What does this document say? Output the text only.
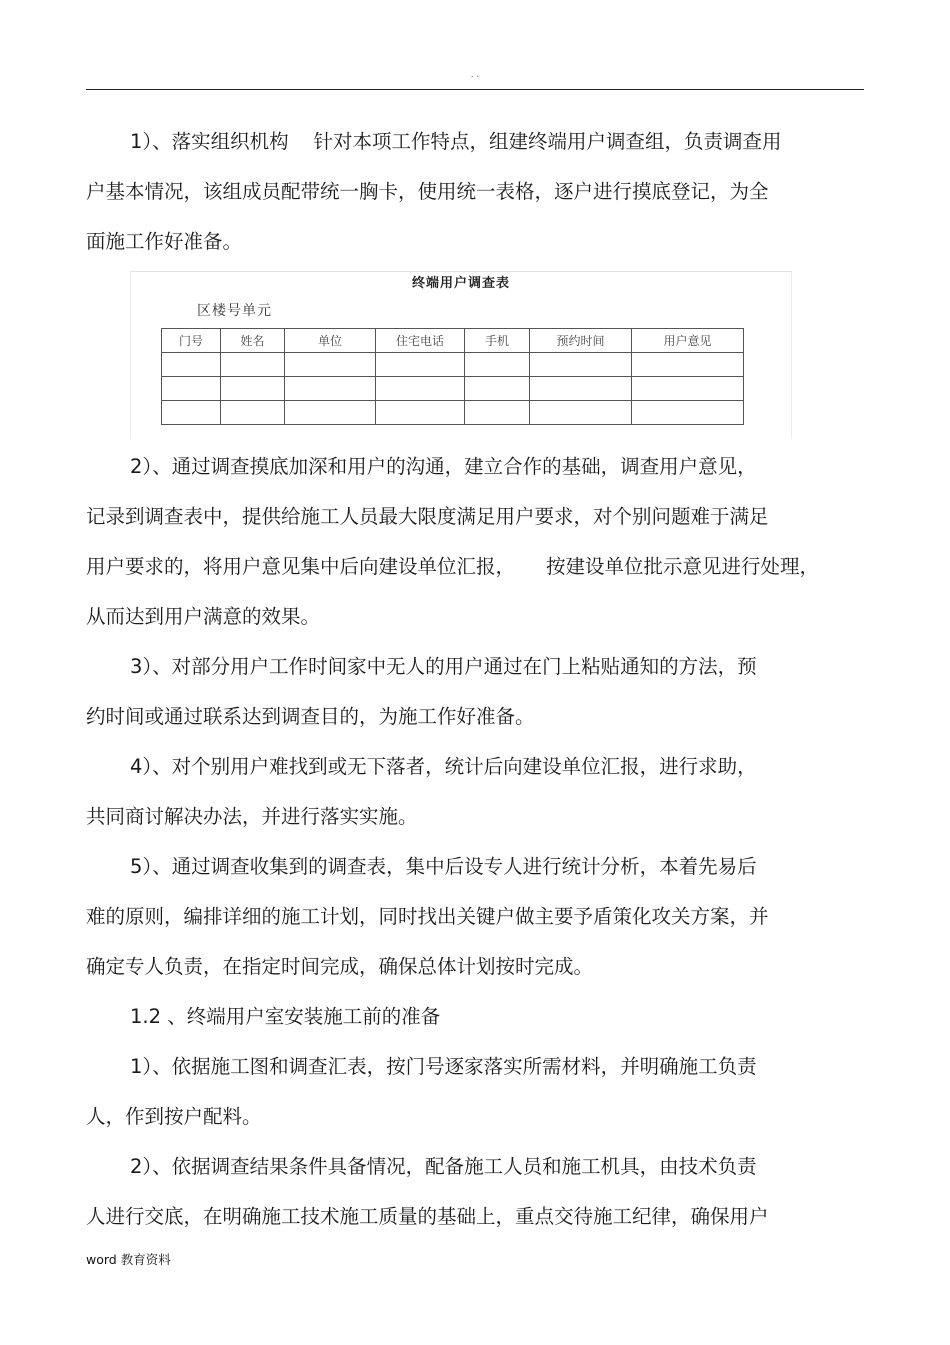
. .
1）、落实组织机构    针对本项工作特点，组建终端用户调查组，负责调查用
户基本情况，该组成员配带统一胸卡，使用统一表格，逐户进行摸底登记，为全
面施工作好准备。
终端用户调查表
区楼号单元
门号	姓名	单位	住宅电话	手机	预约时间	用户意见

2）、通过调查摸底加深和用户的沟通，建立合作的基础，调查用户意见，
记录到调查表中，提供给施工人员最大限度满足用户要求，对个别问题难于满足
用户要求的，将用户意见集中后向建设单位汇报，     按建设单位批示意见进行处理，
从而达到用户满意的效果。
3）、对部分用户工作时间家中无人的用户通过在门上粘贴通知的方法，预
约时间或通过联系达到调查目的，为施工作好准备。
4）、对个别用户难找到或无下落者，统计后向建设单位汇报，进行求助，
共同商讨解决办法，并进行落实实施。
5）、通过调查收集到的调查表，集中后设专人进行统计分析，本着先易后
难的原则，编排详细的施工计划，同时找出关键户做主要予盾策化攻关方案，并
确定专人负责，在指定时间完成，确保总体计划按时完成。
1.2 、终端用户室安装施工前的准备
1）、依据施工图和调查汇表，按门号逐家落实所需材料，并明确施工负责
人，作到按户配料。
2）、依据调查结果条件具备情况，配备施工人员和施工机具，由技术负责
人进行交底，在明确施工技术施工质量的基础上，重点交待施工纪律，确保用户
word 教育资料
